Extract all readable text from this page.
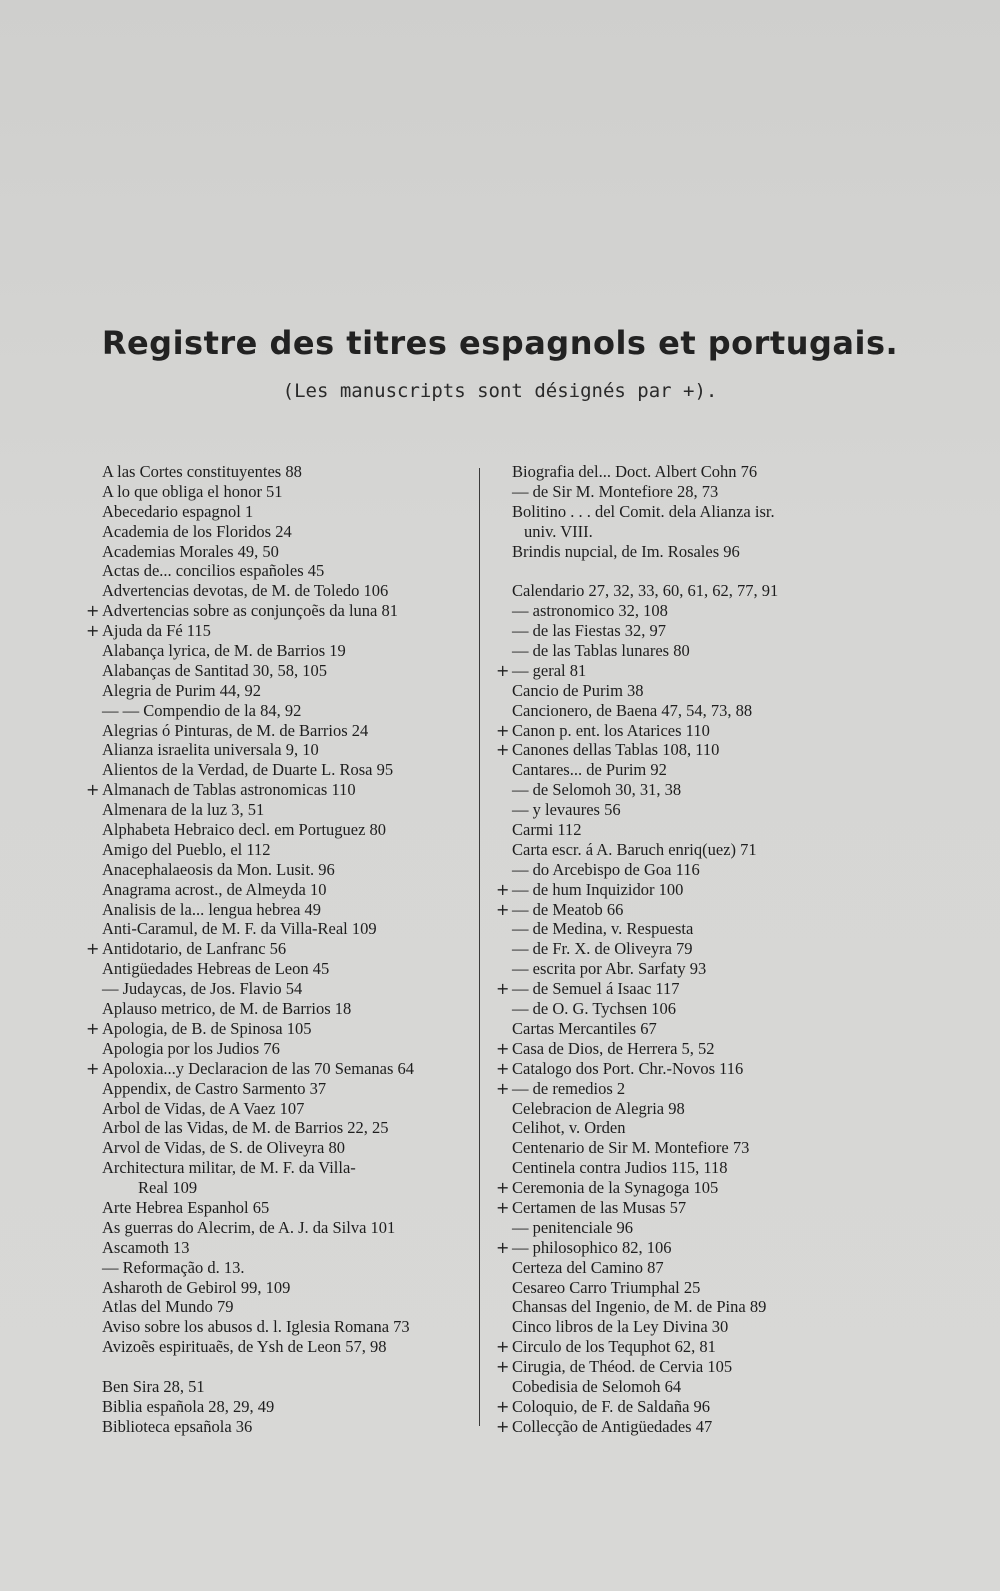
Registre des titres espagnols et portugais.
(Les manuscripts sont désignés par +).
A las Cortes constituyentes 88
A lo que obliga el honor 51
Abecedario espagnol 1
Academia de los Floridos 24
Academias Morales 49, 50
Actas de... concilios españoles 45
Advertencias devotas, de M. de Toledo 106
+ Advertencias sobre as conjunçoẽs da luna 81
+ Ajuda da Fé 115
Alabança lyrica, de M. de Barrios 19
Alabanças de Santitad 30, 58, 105
Alegria de Purim 44, 92
— — Compendio de la 84, 92
Alegrias ó Pinturas, de M. de Barrios 24
Alianza israelita universala 9, 10
Alientos de la Verdad, de Duarte L. Rosa 95
+ Almanach de Tablas astronomicas 110
Almenara de la luz 3, 51
Alphabeta Hebraico decl. em Portuguez 80
Amigo del Pueblo, el 112
Anacephalaeosis da Mon. Lusit. 96
Anagrama acrost., de Almeyda 10
Analisis de la... lengua hebrea 49
Anti-Caramul, de M. F. da Villa-Real 109
+ Antidotario, de Lanfranc 56
Antigüedades Hebreas de Leon 45
— Judaycas, de Jos. Flavio 54
Aplauso metrico, de M. de Barrios 18
+ Apologia, de B. de Spinosa 105
Apologia por los Judios 76
+ Apoloxia...y Declaracion de las 70 Semanas 64
Appendix, de Castro Sarmento 37
Arbol de Vidas, de A Vaez 107
Arbol de las Vidas, de M. de Barrios 22, 25
Arvol de Vidas, de S. de Oliveyra 80
Architectura militar, de M. F. da Villa-
Real 109
Arte Hebrea Espanhol 65
As guerras do Alecrim, de A. J. da Silva 101
Ascamoth 13
— Reformação d. 13.
Asharoth de Gebirol 99, 109
Atlas del Mundo 79
Aviso sobre los abusos d. l. Iglesia Romana 73
Avizoẽs espirituaẽs, de Ysh de Leon 57, 98
Ben Sira 28, 51
Biblia española 28, 29, 49
Biblioteca epsañola 36
Biografia del... Doct. Albert Cohn 76
— de Sir M. Montefiore 28, 73
Bolitino . . . del Comit. dela Alianza isr.
univ. VIII.
Brindis nupcial, de Im. Rosales 96
Calendario 27, 32, 33, 60, 61, 62, 77, 91
— astronomico 32, 108
— de las Fiestas 32, 97
— de las Tablas lunares 80
+ — geral 81
Cancio de Purim 38
Cancionero, de Baena 47, 54, 73, 88
+ Canon p. ent. los Atarices 110
+ Canones dellas Tablas 108, 110
Cantares... de Purim 92
— de Selomoh 30, 31, 38
— y levaures 56
Carmi 112
Carta escr. á A. Baruch enriq(uez) 71
— do Arcebispo de Goa 116
+ — de hum Inquizidor 100
+ — de Meatob 66
— de Medina, v. Respuesta
— de Fr. X. de Oliveyra 79
— escrita por Abr. Sarfaty 93
+ — de Semuel á Isaac 117
— de O. G. Tychsen 106
Cartas Mercantiles 67
+ Casa de Dios, de Herrera 5, 52
+ Catalogo dos Port. Chr.-Novos 116
+ — de remedios 2
Celebracion de Alegria 98
Celihot, v. Orden
Centenario de Sir M. Montefiore 73
Centinela contra Judios 115, 118
+ Ceremonia de la Synagoga 105
+ Certamen de las Musas 57
— penitenciale 96
+ — philosophico 82, 106
Certeza del Camino 87
Cesareo Carro Triumphal 25
Chansas del Ingenio, de M. de Pina 89
Cinco libros de la Ley Divina 30
+ Circulo de los Tequphot 62, 81
+ Cirugia, de Théod. de Cervia 105
Cobedisia de Selomoh 64
+ Coloquio, de F. de Saldaña 96
+ Collecção de Antigüedades 47
